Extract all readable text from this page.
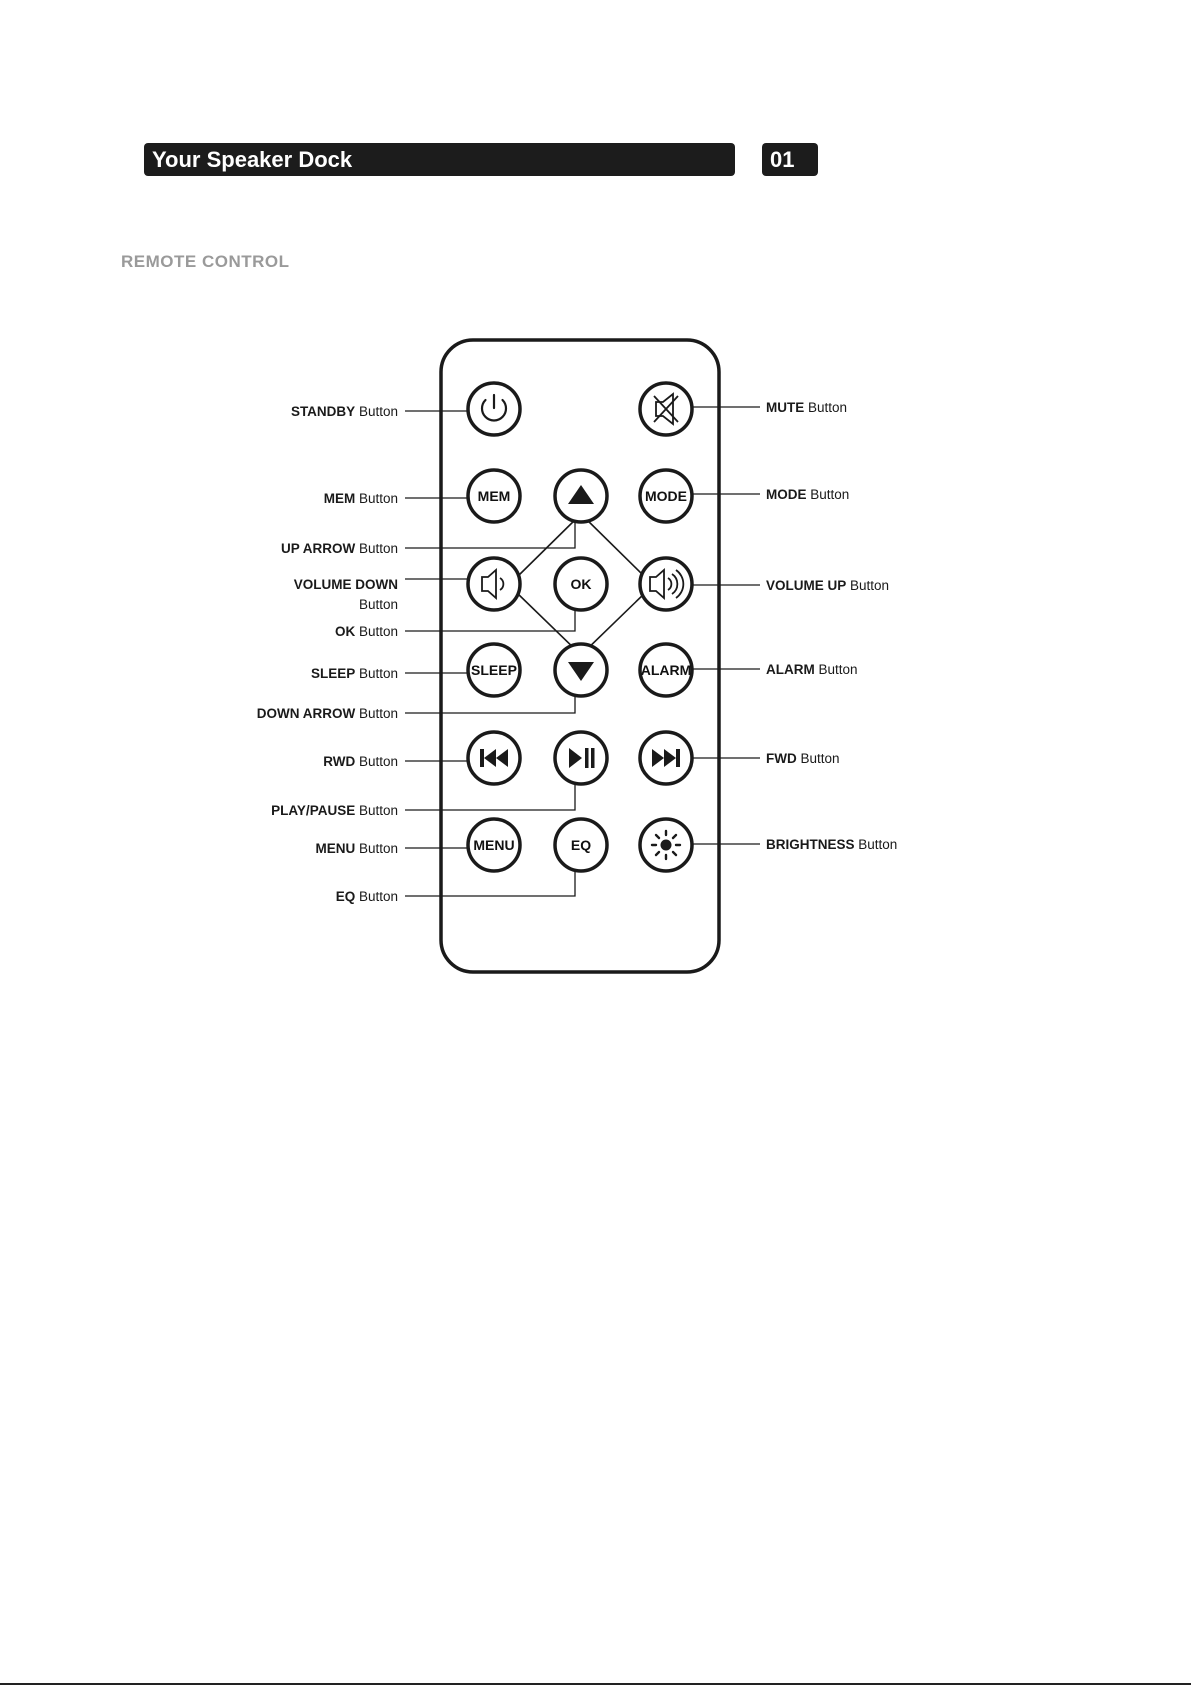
Your Speaker Dock	01
REMOTE CONTROL
MEM	MODE
OK
SLEEP	ALARM
MENU	EQ
STANDBY Button
MEM Button
UP ARROW Button
VOLUME DOWN
Button
OK Button
SLEEP Button
DOWN ARROW Button
RWD Button
PLAY/PAUSE Button
MENU Button
EQ Button
MUTE Button
MODE Button
VOLUME UP Button
ALARM Button
FWD Button
BRIGHTNESS Button
